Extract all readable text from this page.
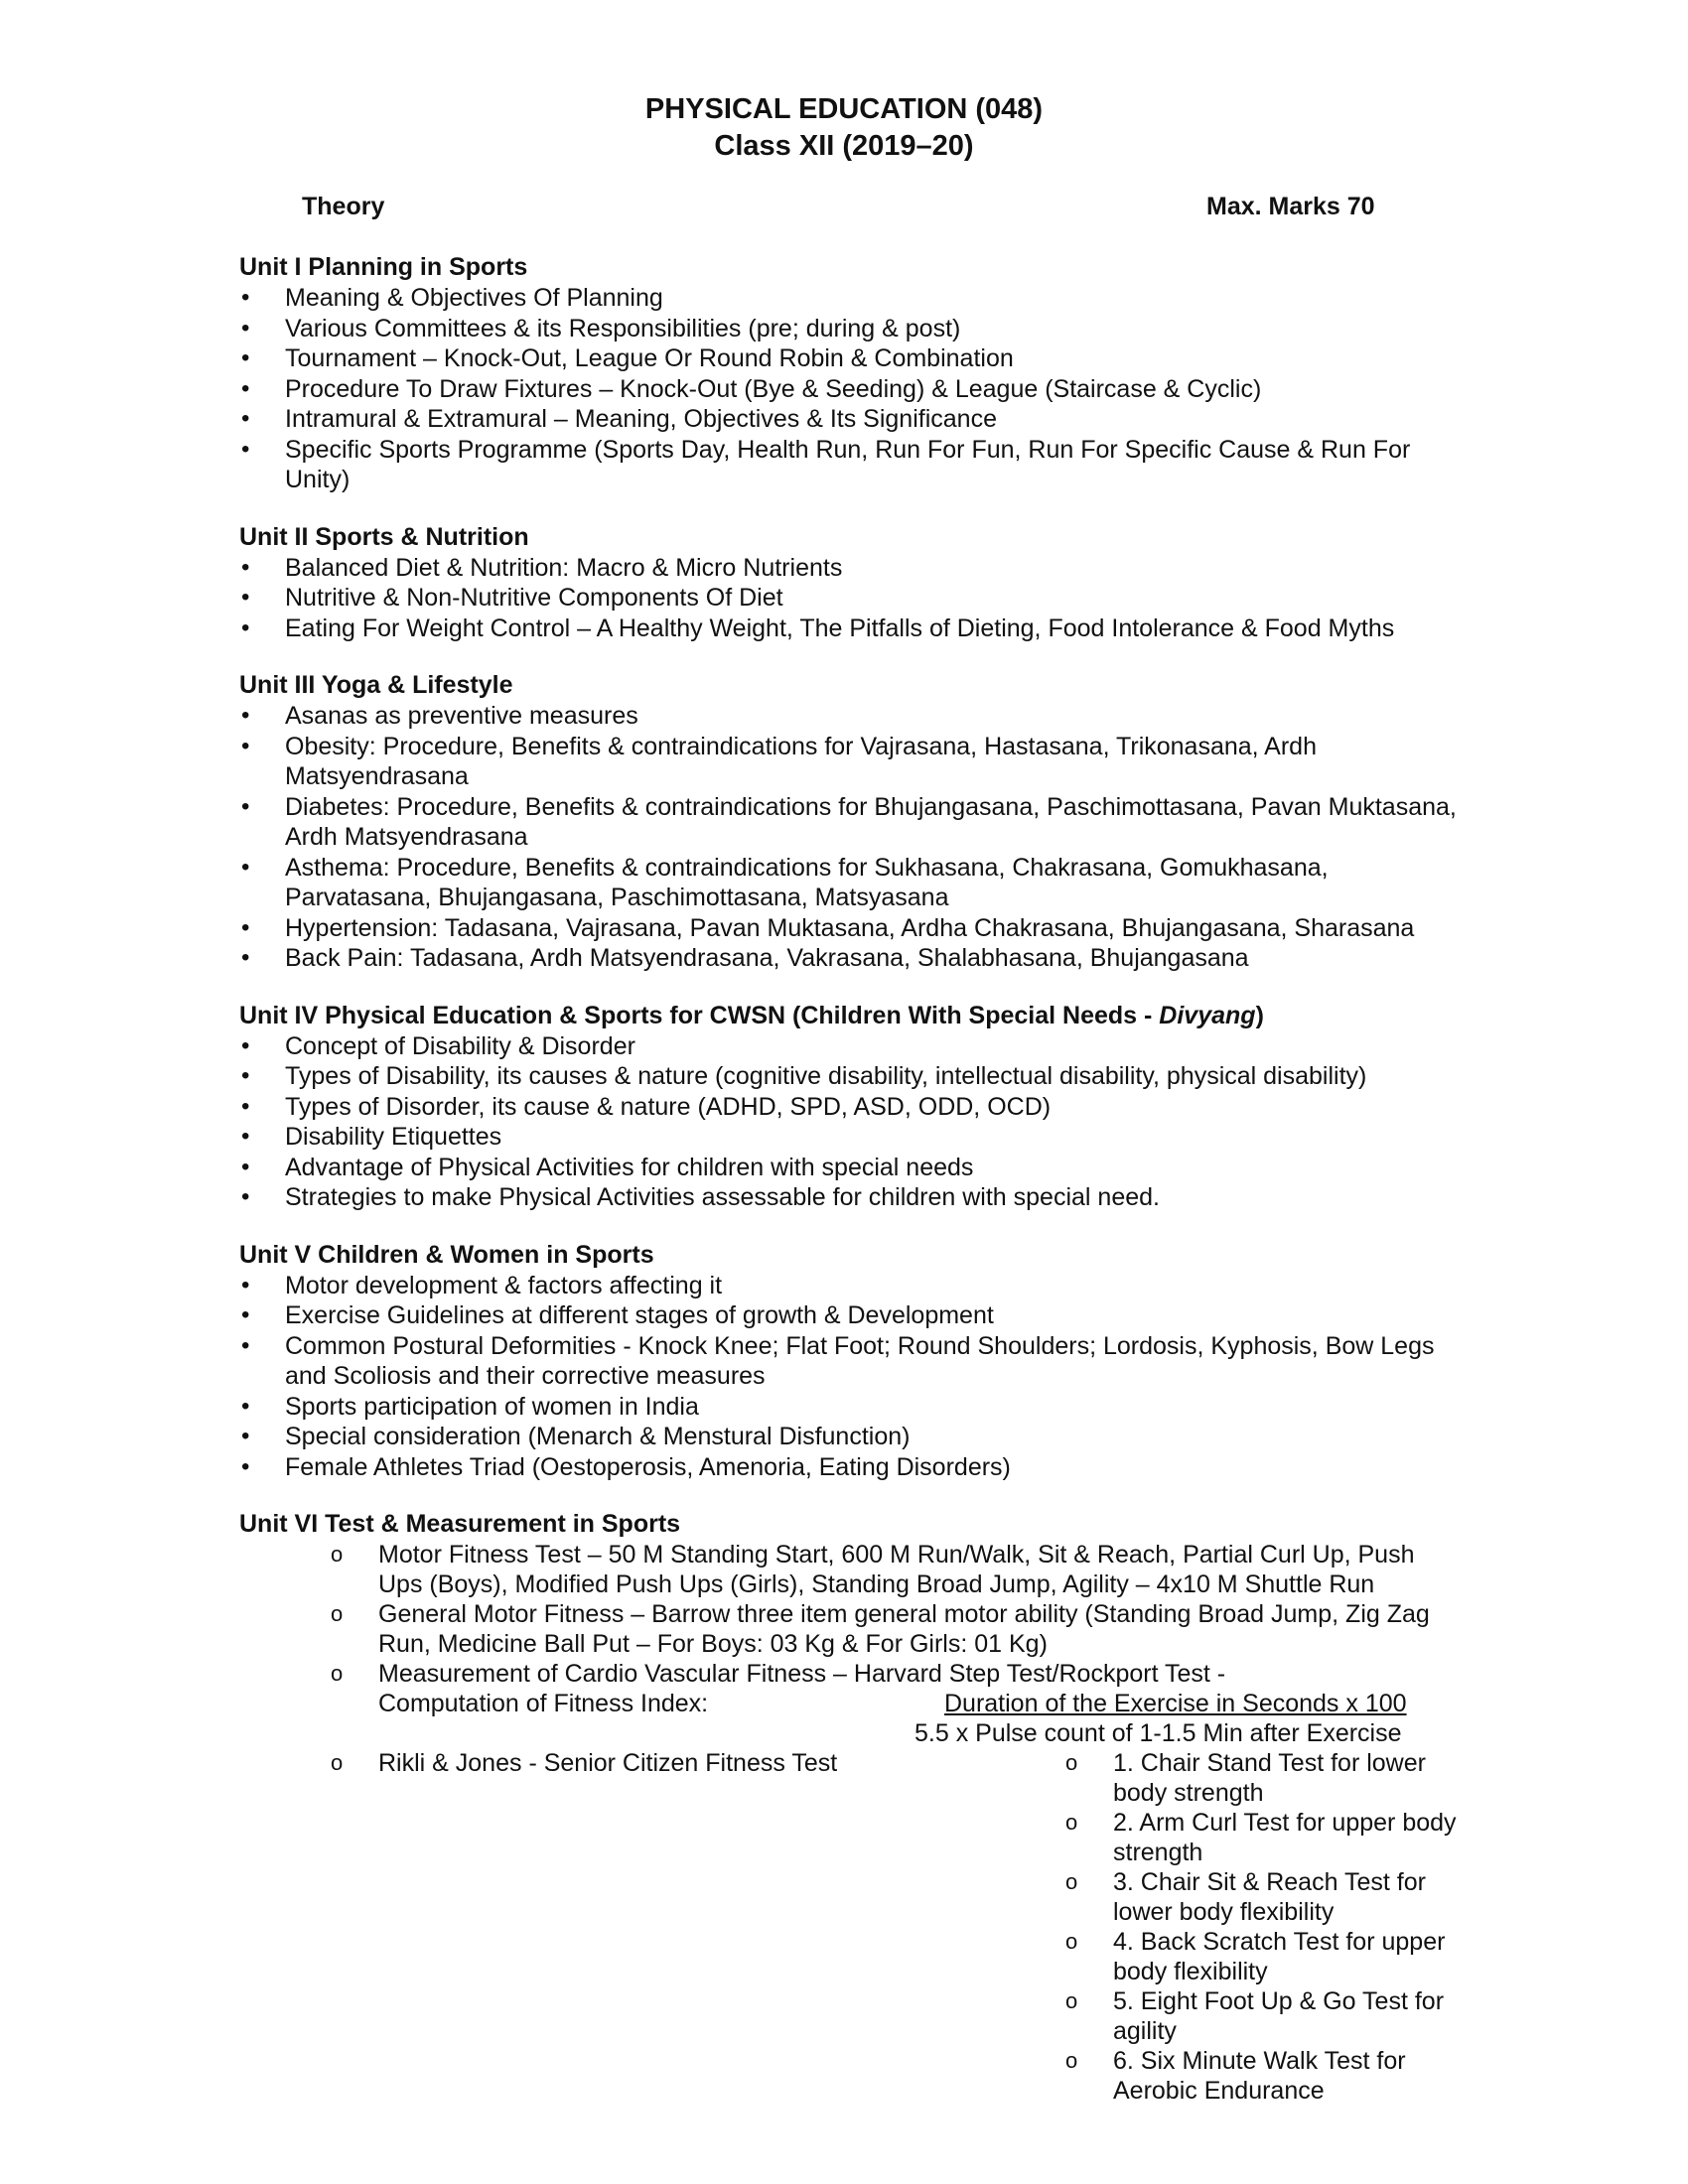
PHYSICAL EDUCATION (048)
Class XII (2019–20)
Theory	Max. Marks 70
Unit I Planning in Sports
• Meaning & Objectives Of Planning
• Various Committees & its Responsibilities (pre; during & post)
• Tournament – Knock-Out, League Or Round Robin & Combination
• Procedure To Draw Fixtures – Knock-Out (Bye & Seeding) & League (Staircase & Cyclic)
• Intramural & Extramural – Meaning, Objectives & Its Significance
• Specific Sports Programme (Sports Day, Health Run, Run For Fun, Run For Specific Cause & Run For Unity)
Unit II Sports & Nutrition
• Balanced Diet & Nutrition: Macro & Micro Nutrients
• Nutritive & Non-Nutritive Components Of Diet
• Eating For Weight Control – A Healthy Weight, The Pitfalls of Dieting, Food Intolerance & Food Myths
Unit III Yoga & Lifestyle
• Asanas as preventive measures
• Obesity: Procedure, Benefits & contraindications for Vajrasana, Hastasana, Trikonasana, Ardh Matsyendrasana
• Diabetes: Procedure, Benefits & contraindications for Bhujangasana, Paschimottasana, Pavan Muktasana, Ardh Matsyendrasana
• Asthema: Procedure, Benefits & contraindications for Sukhasana, Chakrasana, Gomukhasana, Parvatasana, Bhujangasana, Paschimottasana, Matsyasana
• Hypertension: Tadasana, Vajrasana, Pavan Muktasana, Ardha Chakrasana, Bhujangasana, Sharasana
• Back Pain: Tadasana, Ardh Matsyendrasana, Vakrasana, Shalabhasana, Bhujangasana
Unit IV Physical Education & Sports for CWSN (Children With Special Needs - Divyang)
• Concept of Disability & Disorder
• Types of Disability, its causes & nature (cognitive disability, intellectual disability, physical disability)
• Types of Disorder, its cause & nature (ADHD, SPD, ASD, ODD, OCD)
• Disability Etiquettes
• Advantage of Physical Activities for children with special needs
• Strategies to make Physical Activities assessable for children with special need.
Unit V Children & Women in Sports
• Motor development & factors affecting it
• Exercise Guidelines at different stages of growth & Development
• Common Postural Deformities - Knock Knee; Flat Foot; Round Shoulders; Lordosis, Kyphosis, Bow Legs and Scoliosis and their corrective measures
• Sports participation of women in India
• Special consideration (Menarch & Menstural Disfunction)
• Female Athletes Triad (Oestoperosis, Amenoria, Eating Disorders)
Unit VI Test & Measurement in Sports
o Motor Fitness Test – 50 M Standing Start, 600 M Run/Walk, Sit & Reach, Partial Curl Up, Push Ups (Boys), Modified Push Ups (Girls), Standing Broad Jump, Agility – 4x10 M Shuttle Run
o General Motor Fitness – Barrow three item general motor ability (Standing Broad Jump, Zig Zag Run, Medicine Ball Put – For Boys: 03 Kg & For Girls: 01 Kg)
o Measurement of Cardio Vascular Fitness – Harvard Step Test/Rockport Test -
Computation of Fitness Index:	Duration of the Exercise in Seconds x 100
5.5 x Pulse count of 1-1.5 Min after Exercise
o Rikli & Jones - Senior Citizen Fitness Test
o	1. Chair Stand Test for lower body strength
o 2. Arm Curl Test for upper body strength
o 3. Chair Sit & Reach Test for lower body flexibility
o 4. Back Scratch Test for upper body flexibility
o 5. Eight Foot Up & Go Test for agility
o 6. Six Minute Walk Test for Aerobic Endurance
